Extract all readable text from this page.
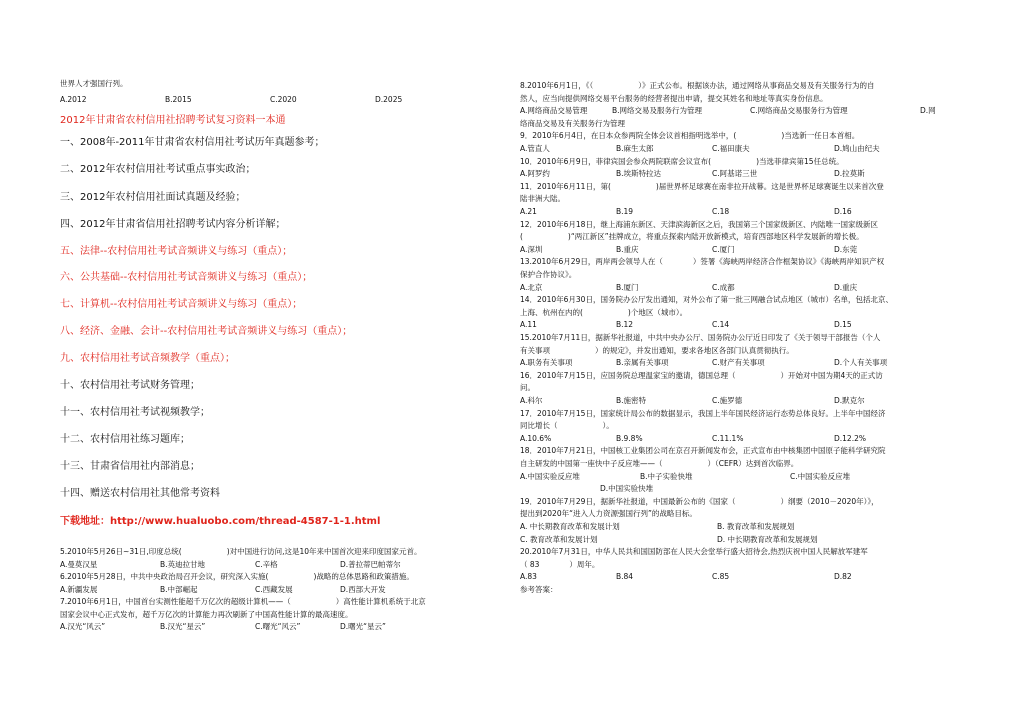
世界人才强国行列。
A.2012	B.2015	C.2020	D.2025
2012年甘肃省农村信用社招聘考试复习资料一本通
一、2008年-2011年甘肃省农村信用社考试历年真题参考；
二、2012年农村信用社考试重点事实政治；
三、2012年农村信用社面试真题及经验；
四、2012年甘肃省信用社招聘考试内容分析详解；
五、法律--农村信用社考试音频讲义与练习（重点）；
六、公共基础--农村信用社考试音频讲义与练习（重点）；
七、计算机--农村信用社考试音频讲义与练习（重点）；
八、经济、金融、会计--农村信用社考试音频讲义与练习（重点）；
九、农村信用社考试音频教学（重点）；
十、农村信用社考试财务管理；
十一、农村信用社考试视频教学；
十二、农村信用社练习题库；
十三、甘肃省信用社内部消息；
十四、赠送农村信用社其他常考资料
下载地址：http://www.hualuobo.com/thread-4587-1-1.html
5.2010年5月26日~31日,印度总统(　　　　　　)对中国进行访问,这是10年来中国首次迎来印度国家元首。
A.曼莫汉星	B.英迪拉甘地	C.辛格	D.普拉蒂巴帕蒂尔
6.2010年5月28日，中共中央政治局召开会议，研究深入实施(　　　　　　)战略的总体思路和政策措施。
A.新疆发展	B.中部崛起	C.西藏发展	D.西部大开发
7.2010年6月1日，中国首台实测性能超千万亿次的超级计算机——（　　　　　　）高性能计算机系统于北京
国家会议中心正式发布，超千万亿次的计算能力再次刷新了中国高性能计算的最高速度。
A.汉光“风云”	B.汉光“星云”	C.曙光“风云”	D.曙光“星云”
8.2010年6月1日，《（　　　　　　）》正式公布。根据该办法，通过网络从事商品交易及有关服务行为的自
然人，应当向提供网络交易平台服务的经营者提出申请，提交其姓名和地址等真实身份信息。
A.网络商品交易管理	B.网络交易及服务行为管理	C.网络商品交易服务行为管理	D.网
络商品交易及有关服务行为管理
9．2010年6月4日，在日本众参两院全体会议首相指明选举中，(　　　　　　)当选新一任日本首相。
A.管直人	B.麻生太郎	C.福田康夫	D.鸠山由纪夫
10．2010年6月9日，菲律宾国会参众两院联席会议宣布(　　　　　　)当选菲律宾第15任总统。
A.阿罗约	B.埃斯特拉达	C.阿基诺三世	D.拉莫斯
11．2010年6月11日，第(　　　　　　)届世界杯足球赛在南非拉开战幕。这是世界杯足球赛诞生以来首次登
陆非洲大陆。
A.21	B.19	C.18	D.16
12．2010年6月18日，继上海浦东新区、天津滨海新区之后，我国第三个国家级新区、内陆唯一国家级新区
(　　　　　　)“两江新区”挂牌成立，将重点探索内陆开放新模式，培育西部地区科学发展新的增长极。
A.深圳	B.重庆	C.厦门	D.东莞
13.2010年6月29日，两岸两会领导人在（　　　　）签署《海峡两岸经济合作框架协议》《海峡两岸知识产权
保护合作协议》。
A.北京	B.厦门	C.成都	D.重庆
14．2010年6月30日，国务院办公厅发出通知，对外公布了第一批三网融合试点地区（城市）名单，包括北京、
上海、杭州在内的(　　　　　　)个地区（城市）。
A.11	B.12	C.14	D.15
15.2010年7月11日，据新华社报道，中共中央办公厅、国务院办公厅近日印发了《关于领导干部报告（个人
有关事项　　　　　　）的规定》，并发出通知，要求各地区各部门认真贯彻执行。
A.职务有关事项	B.亲属有关事项	C.财产有关事项	D.个人有关事项
16．2010年7月15日，应国务院总理温家宝的邀请，德国总理（　　　　　　）开始对中国为期4天的正式访
问。
A.科尔	B.施密特	C.施罗德	D.默克尔
17．2010年7月15日，国家统计局公布的数据显示，我国上半年国民经济运行态势总体良好。上半年中国经济
同比增长（　　　　　　）。
A.10.6%	B.9.8%	C.11.1%	D.12.2%
18．2010年7月21日，中国核工业集团公司在京召开新闻发布会，正式宣布由中核集团中国原子能科学研究院
自主研发的中国第一座快中子反应堆——（　　　　　　）（CEFR）达到首次临界。
A.中国实验反应堆	B.中子实验快堆	C.中国实验反应堆
D.中国实验快堆
19．2010年7月29日，据新华社报道，中国最新公布的《国家（　　　　　　）纲要（2010－2020年）》，
提出到2020年“进入人力资源强国行列”的战略目标。
A. 中长期教育改革和发展计划	B. 教育改革和发展规划
C. 教育改革和发展计划	D. 中长期教育改革和发展规划
20.2010年7月31日，中华人民共和国国防部在人民大会堂举行盛大招待会,热烈庆祝中国人民解放军建军
（ 83　　　　）周年。
A.83	B.84	C.85	D.82
参考答案：
